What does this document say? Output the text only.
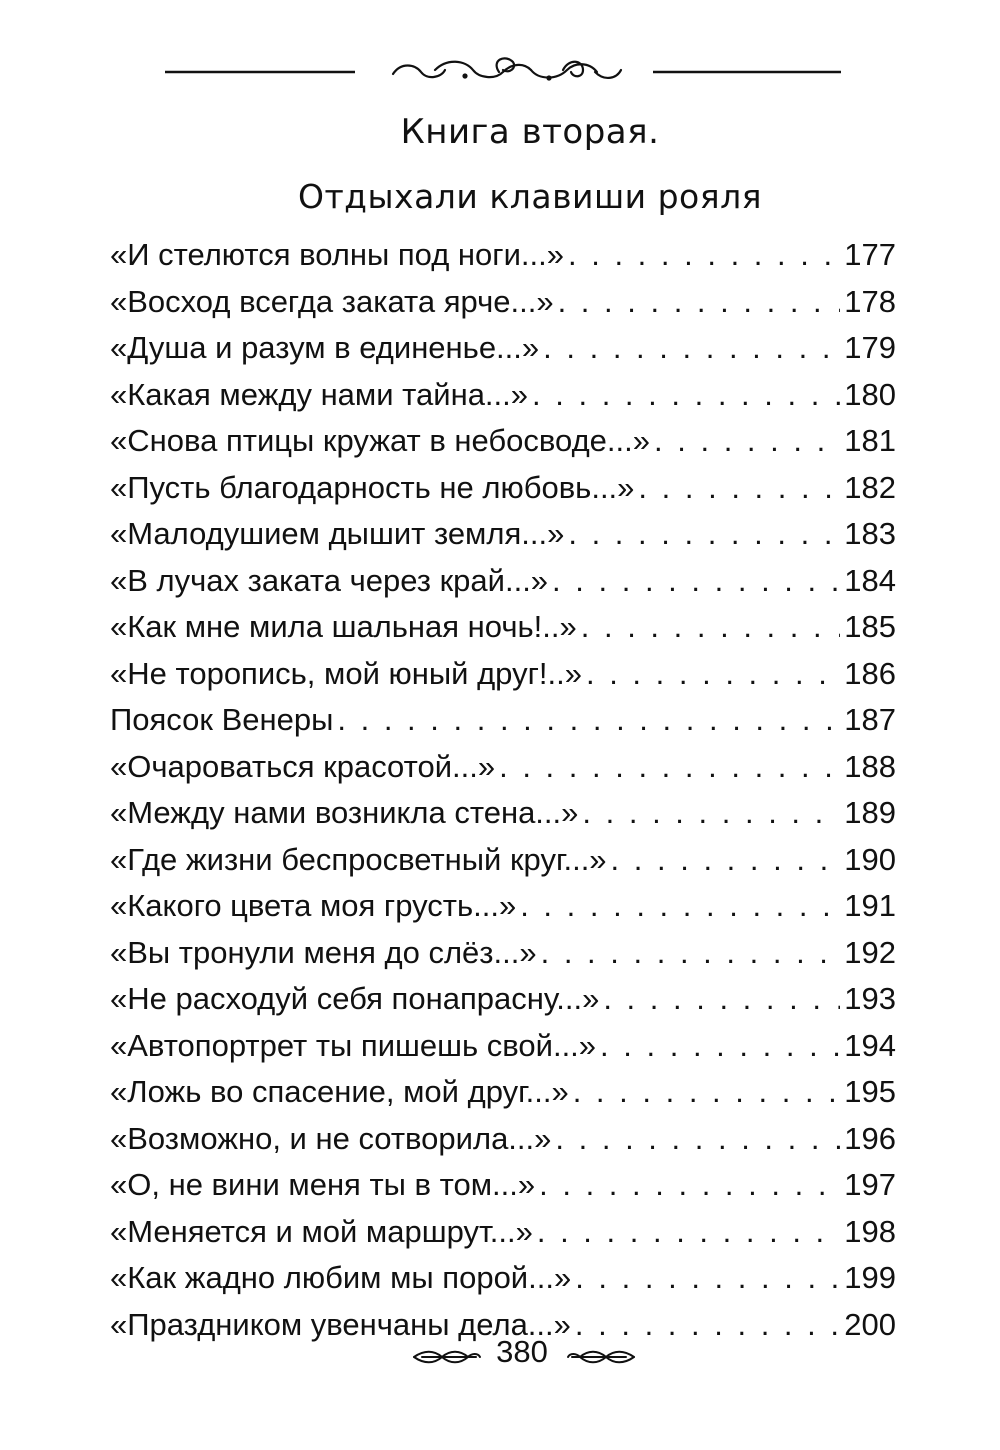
Книга вторая.
Отдыхали клавиши рояля
«И стелются волны под ноги...» . . .	177
«Восход всегда заката ярче...» . . .	178
«Душа и разум в единенье...» . . .	179
«Какая между нами тайна...» . . .	180
«Снова птицы кружат в небосводе...» . . .	181
«Пусть благодарность не любовь...» . . .	182
«Малодушием дышит земля...» . . .	183
«В лучах заката через край...» . . .	184
«Как мне мила шальная ночь!..» . . .	185
«Не торопись, мой юный друг!..» . . .	186
Поясок Венеры . . .	187
«Очароваться красотой...» . . .	188
«Между нами возникла стена...» . . .	189
«Где жизни беспросветный круг...» . . .	190
«Какого цвета моя грусть...» . . .	191
«Вы тронули меня до слёз...» . . .	192
«Не расходуй себя понапрасну...» . . .	193
«Автопортрет ты пишешь свой...» . . .	194
«Ложь во спасение, мой друг...» . . .	195
«Возможно, и не сотворила...» . . .	196
«О, не вини меня ты в том...» . . .	197
«Меняется и мой маршрут...» . . .	198
«Как жадно любим мы порой...» . . .	199
«Праздником увенчаны дела...» . . .	200
380
